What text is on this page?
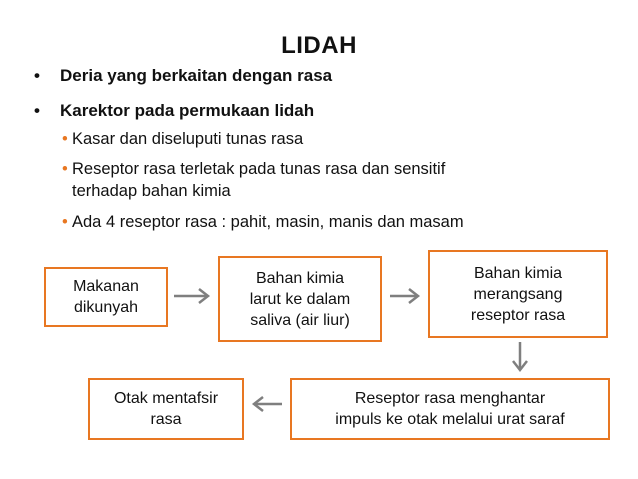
LIDAH
• Deria yang berkaitan dengan rasa
• Karektor pada permukaan lidah
• Kasar dan diseluputi tunas rasa
• Reseptor rasa terletak pada tunas rasa dan sensitif
terhadap bahan kimia
• Ada 4 reseptor rasa : pahit, masin, manis dan masam
Makanan
dikunyah
Bahan kimia
larut ke dalam
saliva (air liur)
Bahan kimia
merangsang
reseptor rasa
Reseptor rasa menghantar
impuls ke otak melalui urat saraf
Otak mentafsir
rasa
